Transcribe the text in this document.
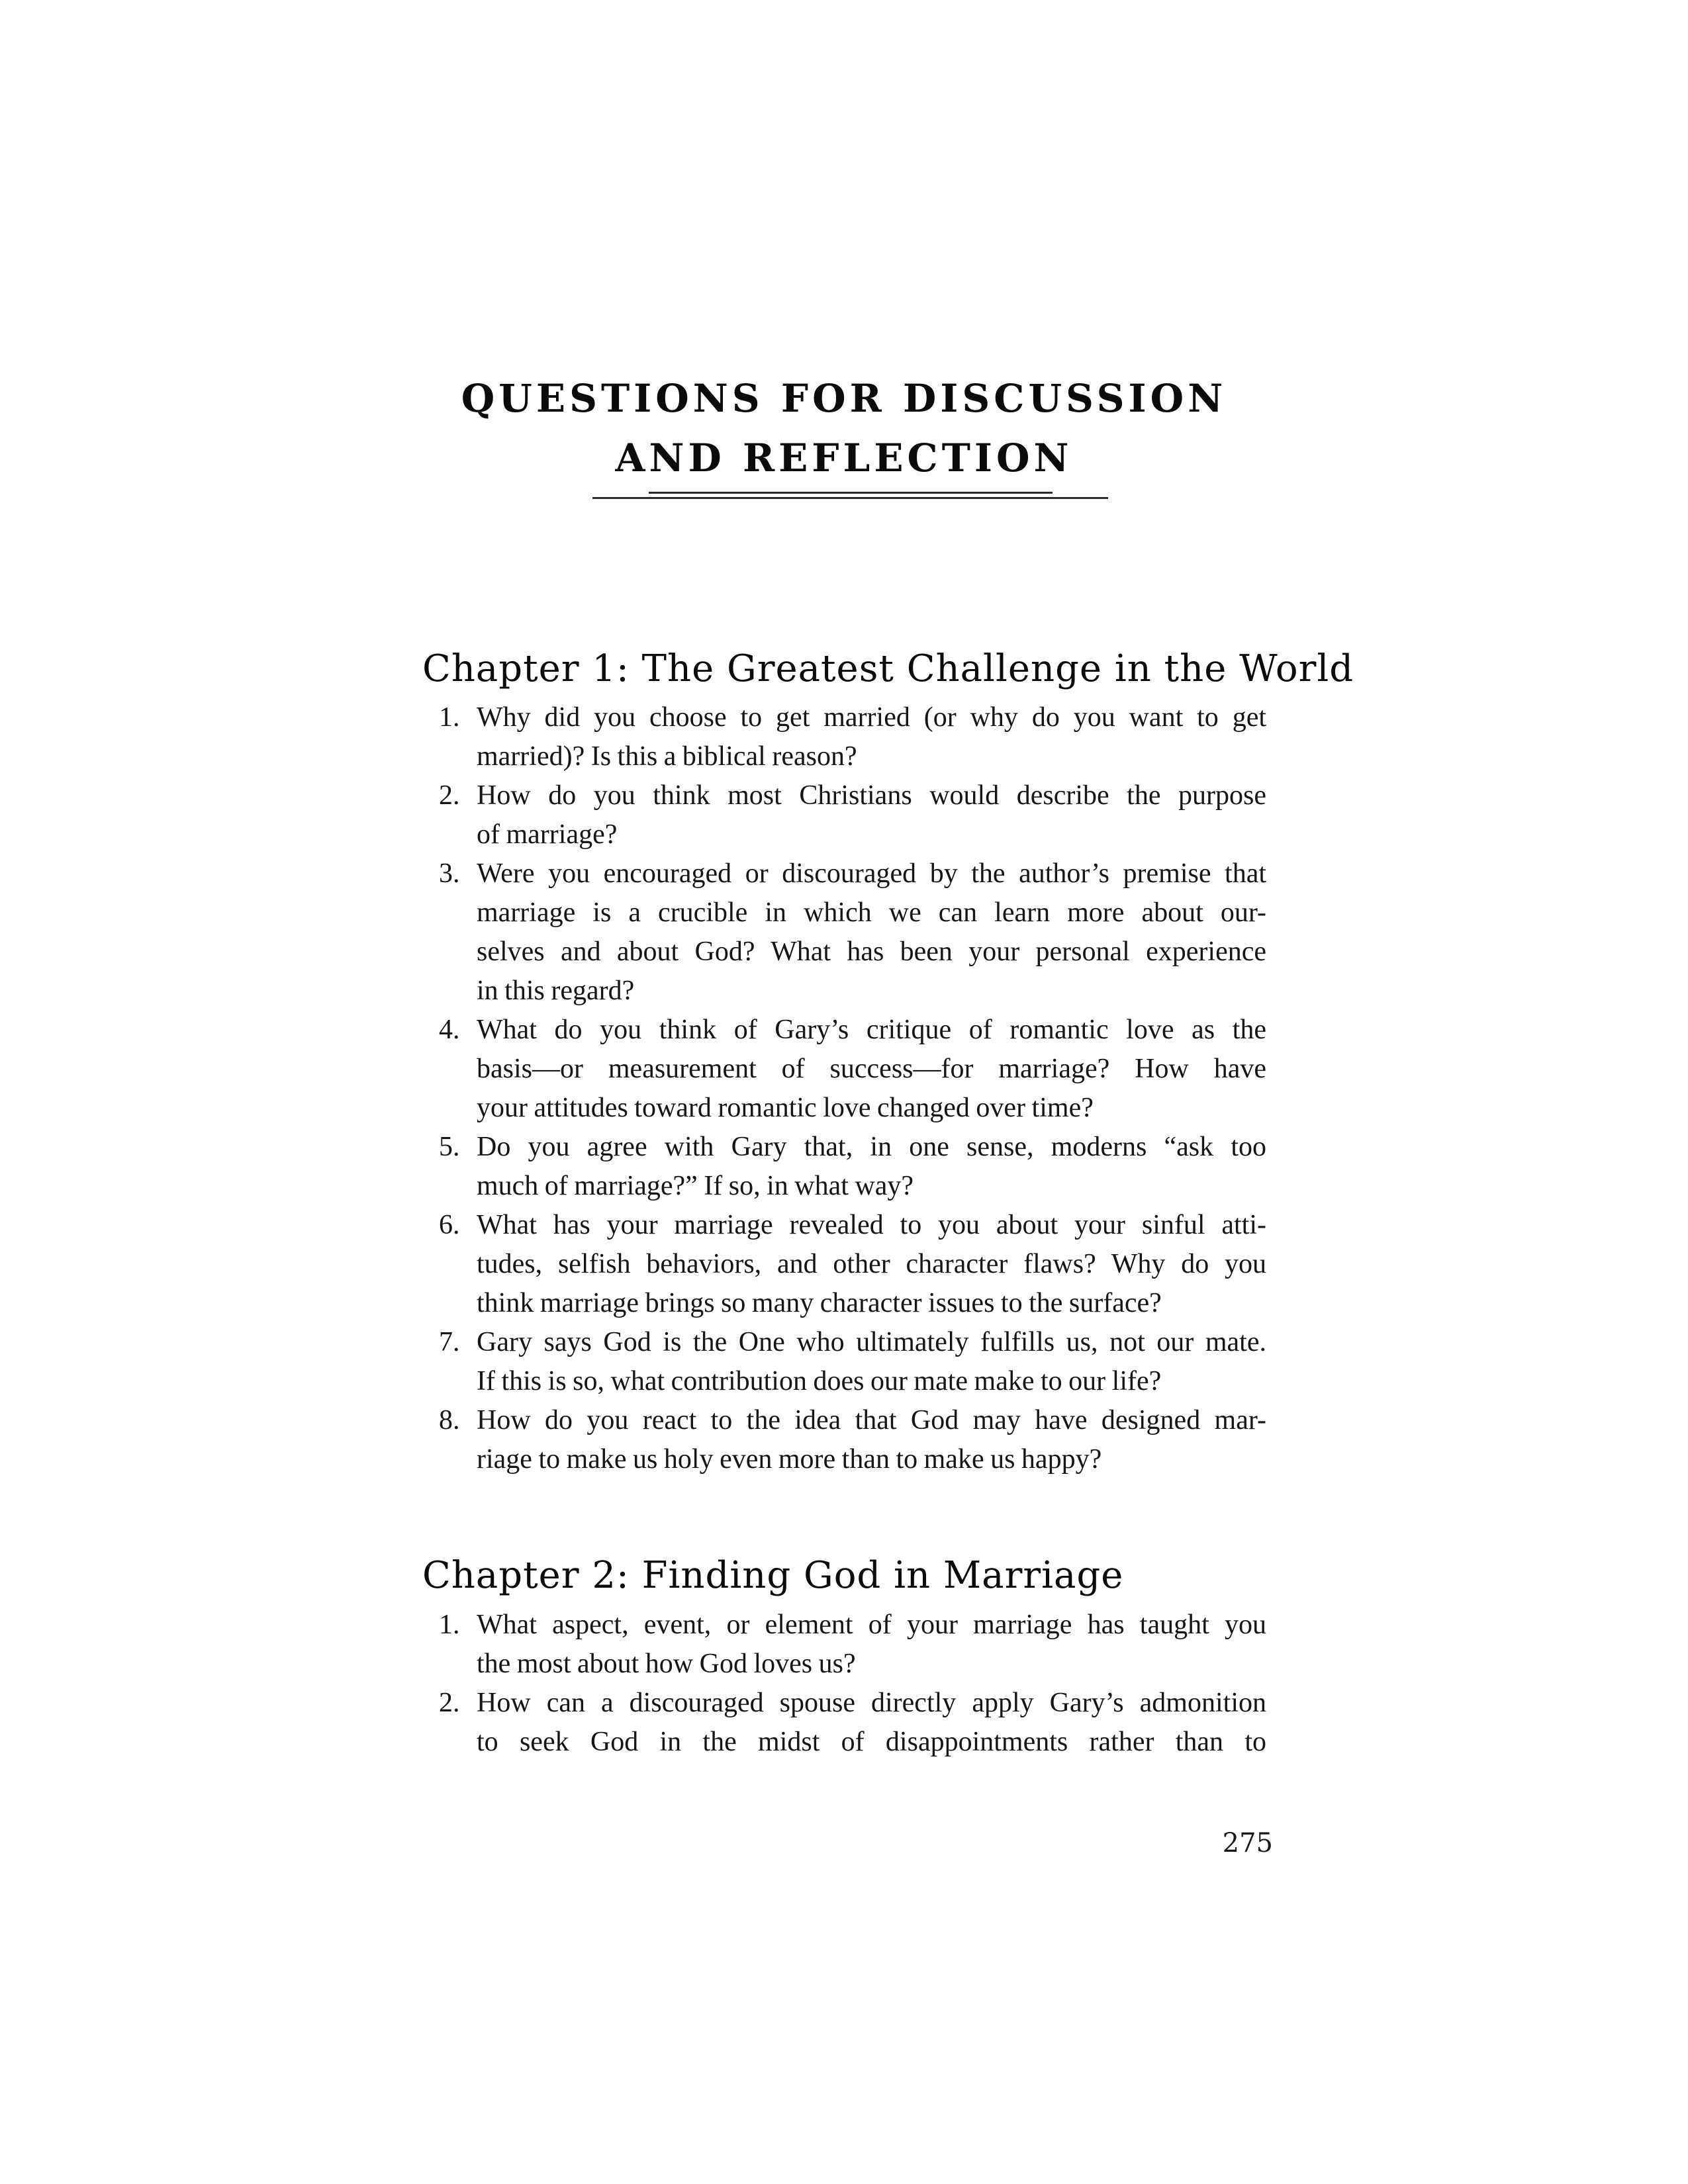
QUESTIONS FOR DISCUSSION
AND REFLECTION
Chapter 1: The Greatest Challenge in the World
1. Why did you choose to get married (or why do you want to get
married)? Is this a biblical reason?
2. How do you think most Christians would describe the purpose
of marriage?
3. Were you encouraged or discouraged by the author’s premise that
marriage is a crucible in which we can learn more about our-
selves and about God? What has been your personal experience
in this regard?
4. What do you think of Gary’s critique of romantic love as the
basis—or measurement of success—for marriage? How have
your attitudes toward romantic love changed over time?
5. Do you agree with Gary that, in one sense, moderns “ask too
much of marriage?” If so, in what way?
6. What has your marriage revealed to you about your sinful atti-
tudes, selfish behaviors, and other character flaws? Why do you
think marriage brings so many character issues to the surface?
7. Gary says God is the One who ultimately fulfills us, not our mate.
If this is so, what contribution does our mate make to our life?
8. How do you react to the idea that God may have designed mar-
riage to make us holy even more than to make us happy?
Chapter 2: Finding God in Marriage
1. What aspect, event, or element of your marriage has taught you
the most about how God loves us?
2. How can a discouraged spouse directly apply Gary’s admonition
to seek God in the midst of disappointments rather than to
275
